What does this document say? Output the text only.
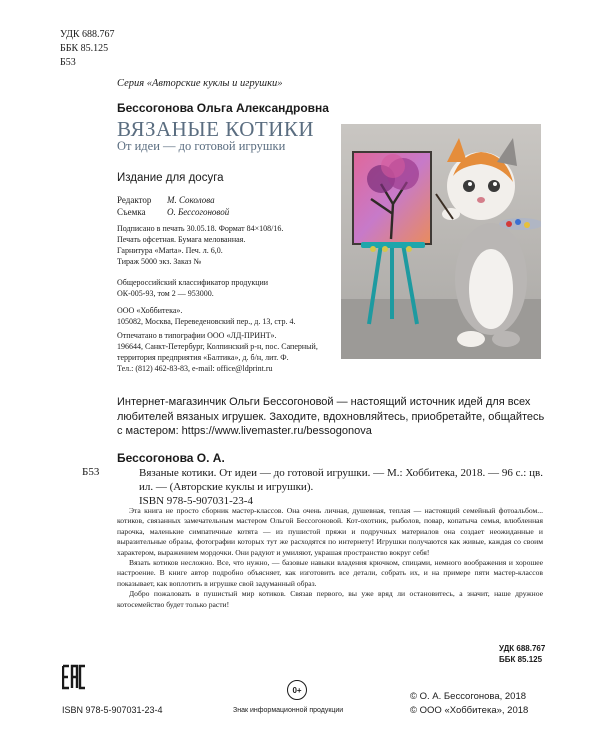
УДК 688.767
ББК 85.125
Б53
Серия «Авторские куклы и игрушки»
Бессогонова Ольга Александровна
ВЯЗАНЫЕ КОТИКИ
От идеи — до готовой игрушки
Издание для досуга
Редактор М. Соколова
Съемка О. Бессогоновой
Подписано в печать 30.05.18. Формат 84×108/16.
Печать офсетная. Бумага мелованная.
Гарнитура «Marta». Печ. л. 6,0.
Тираж 5000 экз. Заказ №
Общероссийский классификатор продукции
ОК-005-93, том 2 — 953000.
ООО «Хоббитека».
105082, Москва, Переведеновский пер., д. 13, стр. 4.
Отпечатано в типографии ООО «ЛД-ПРИНТ».
196644, Санкт-Петербург, Колпинский р-н, пос. Саперный,
территория предприятия «Балтика», д. б/н, лит. Ф.
Тел.: (812) 462-83-83, e-mail: office@ldprint.ru
Интернет-магазинчик Ольги Бессогоновой — настоящий источник идей для всех любителей вязаных игрушек. Заходите, вдохновляйтесь, приобретайте, общайтесь с мастером: https://www.livemaster.ru/bessogonova
Бессогонова О. А.
Б53	Вязаные котики. От идеи — до готовой игрушки. — М.: Хоббитека, 2018. — 96 с.: цв. ил. — (Авторские куклы и игрушки).
ISBN 978-5-907031-23-4

Эта книга не просто сборник мастер-классов. Она очень личная, душевная, теплая — настоящий семейный фотоальбом... котиков, связанных замечательным мастером Ольгой Бессогоновой. Кот-охотник, рыболов, повар, копатыча семья, влюбленная парочка, маленькие симпатичные котята — из пушистой пряжи и подручных материалов она создает неожиданные и выразительные образы, фотографии которых тут же расходятся по интернету! Игрушки получаются как живые, каждая со своим характером, выражением мордочки. Они радуют и умиляют, украшая пространство вокруг себя!

Вязать котиков несложно. Все, что нужно, — базовые навыки владения крючком, спицами, немного воображения и хорошее настроение. В книге автор подробно объясняет, как изготовить все детали, собрать их, и на примере пяти мастер-классов показывает, как воплотить в игрушке свой задуманный образ.

Добро пожаловать в пушистый мир котиков. Связав первого, вы уже вряд ли остановитесь, а значит, наше дружное котосемейство будет только расти!

УДК 688.767
ББК 85.125
ISBN 978-5-907031-23-4
0+
Знак информационной продукции
© О. А. Бессогонова, 2018
© ООО «Хоббитека», 2018
